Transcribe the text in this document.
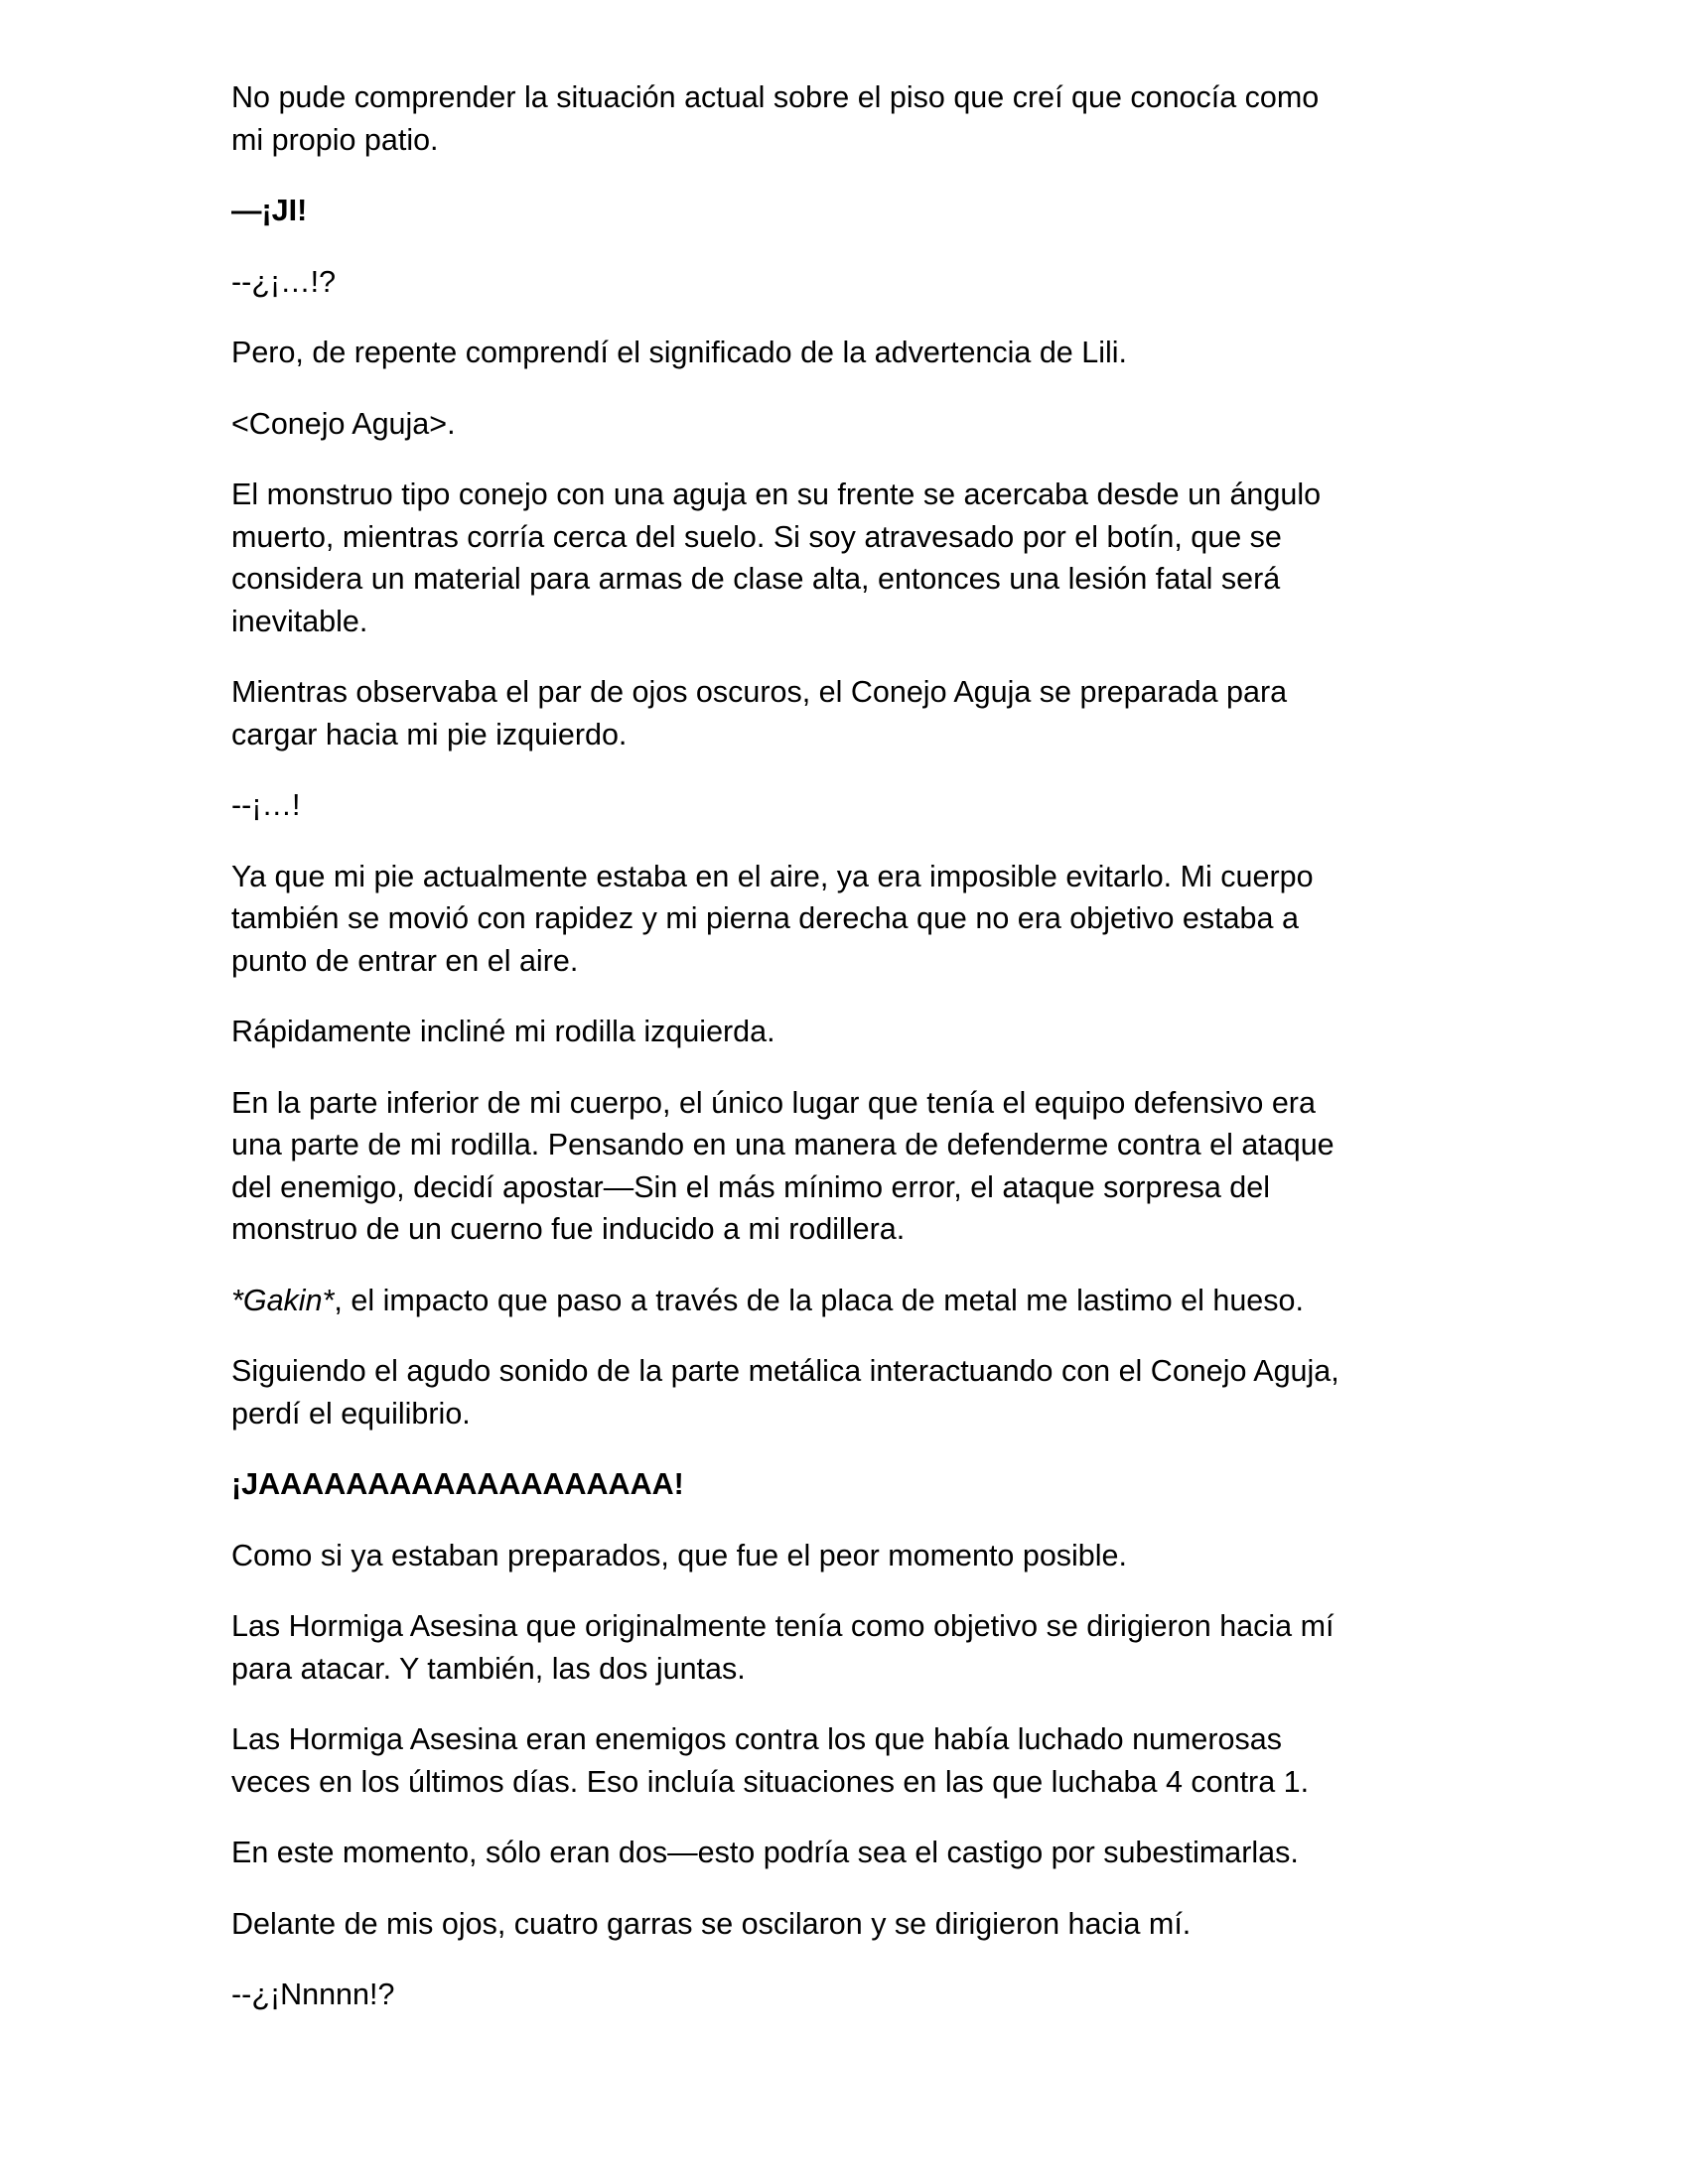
No pude comprender la situación actual sobre el piso que creí que conocía como
mi propio patio.

—¡JI!

--¿¡…!?

Pero, de repente comprendí el significado de la advertencia de Lili.

<Conejo Aguja>.

El monstruo tipo conejo con una aguja en su frente se acercaba desde un ángulo
muerto, mientras corría cerca del suelo. Si soy atravesado por el botín, que se
considera un material para armas de clase alta, entonces una lesión fatal será
inevitable.

Mientras observaba el par de ojos oscuros, el Conejo Aguja se preparada para
cargar hacia mi pie izquierdo.

--¡…!

Ya que mi pie actualmente estaba en el aire, ya era imposible evitarlo. Mi cuerpo
también se movió con rapidez y mi pierna derecha que no era objetivo estaba a
punto de entrar en el aire.

Rápidamente incliné mi rodilla izquierda.

En la parte inferior de mi cuerpo, el único lugar que tenía el equipo defensivo era
una parte de mi rodilla. Pensando en una manera de defenderme contra el ataque
del enemigo, decidí apostar—Sin el más mínimo error, el ataque sorpresa del
monstruo de un cuerno fue inducido a mi rodillera.

*Gakin*, el impacto que paso a través de la placa de metal me lastimo el hueso.

Siguiendo el agudo sonido de la parte metálica interactuando con el Conejo Aguja,
perdí el equilibrio.

¡JAAAAAAAAAAAAAAAAAAA!

Como si ya estaban preparados, que fue el peor momento posible.

Las Hormiga Asesina que originalmente tenía como objetivo se dirigieron hacia mí
para atacar. Y también, las dos juntas.

Las Hormiga Asesina eran enemigos contra los que había luchado numerosas
veces en los últimos días. Eso incluía situaciones en las que luchaba 4 contra 1.

En este momento, sólo eran dos—esto podría sea el castigo por subestimarlas.

Delante de mis ojos, cuatro garras se oscilaron y se dirigieron hacia mí.

--¿¡Nnnnn!?
